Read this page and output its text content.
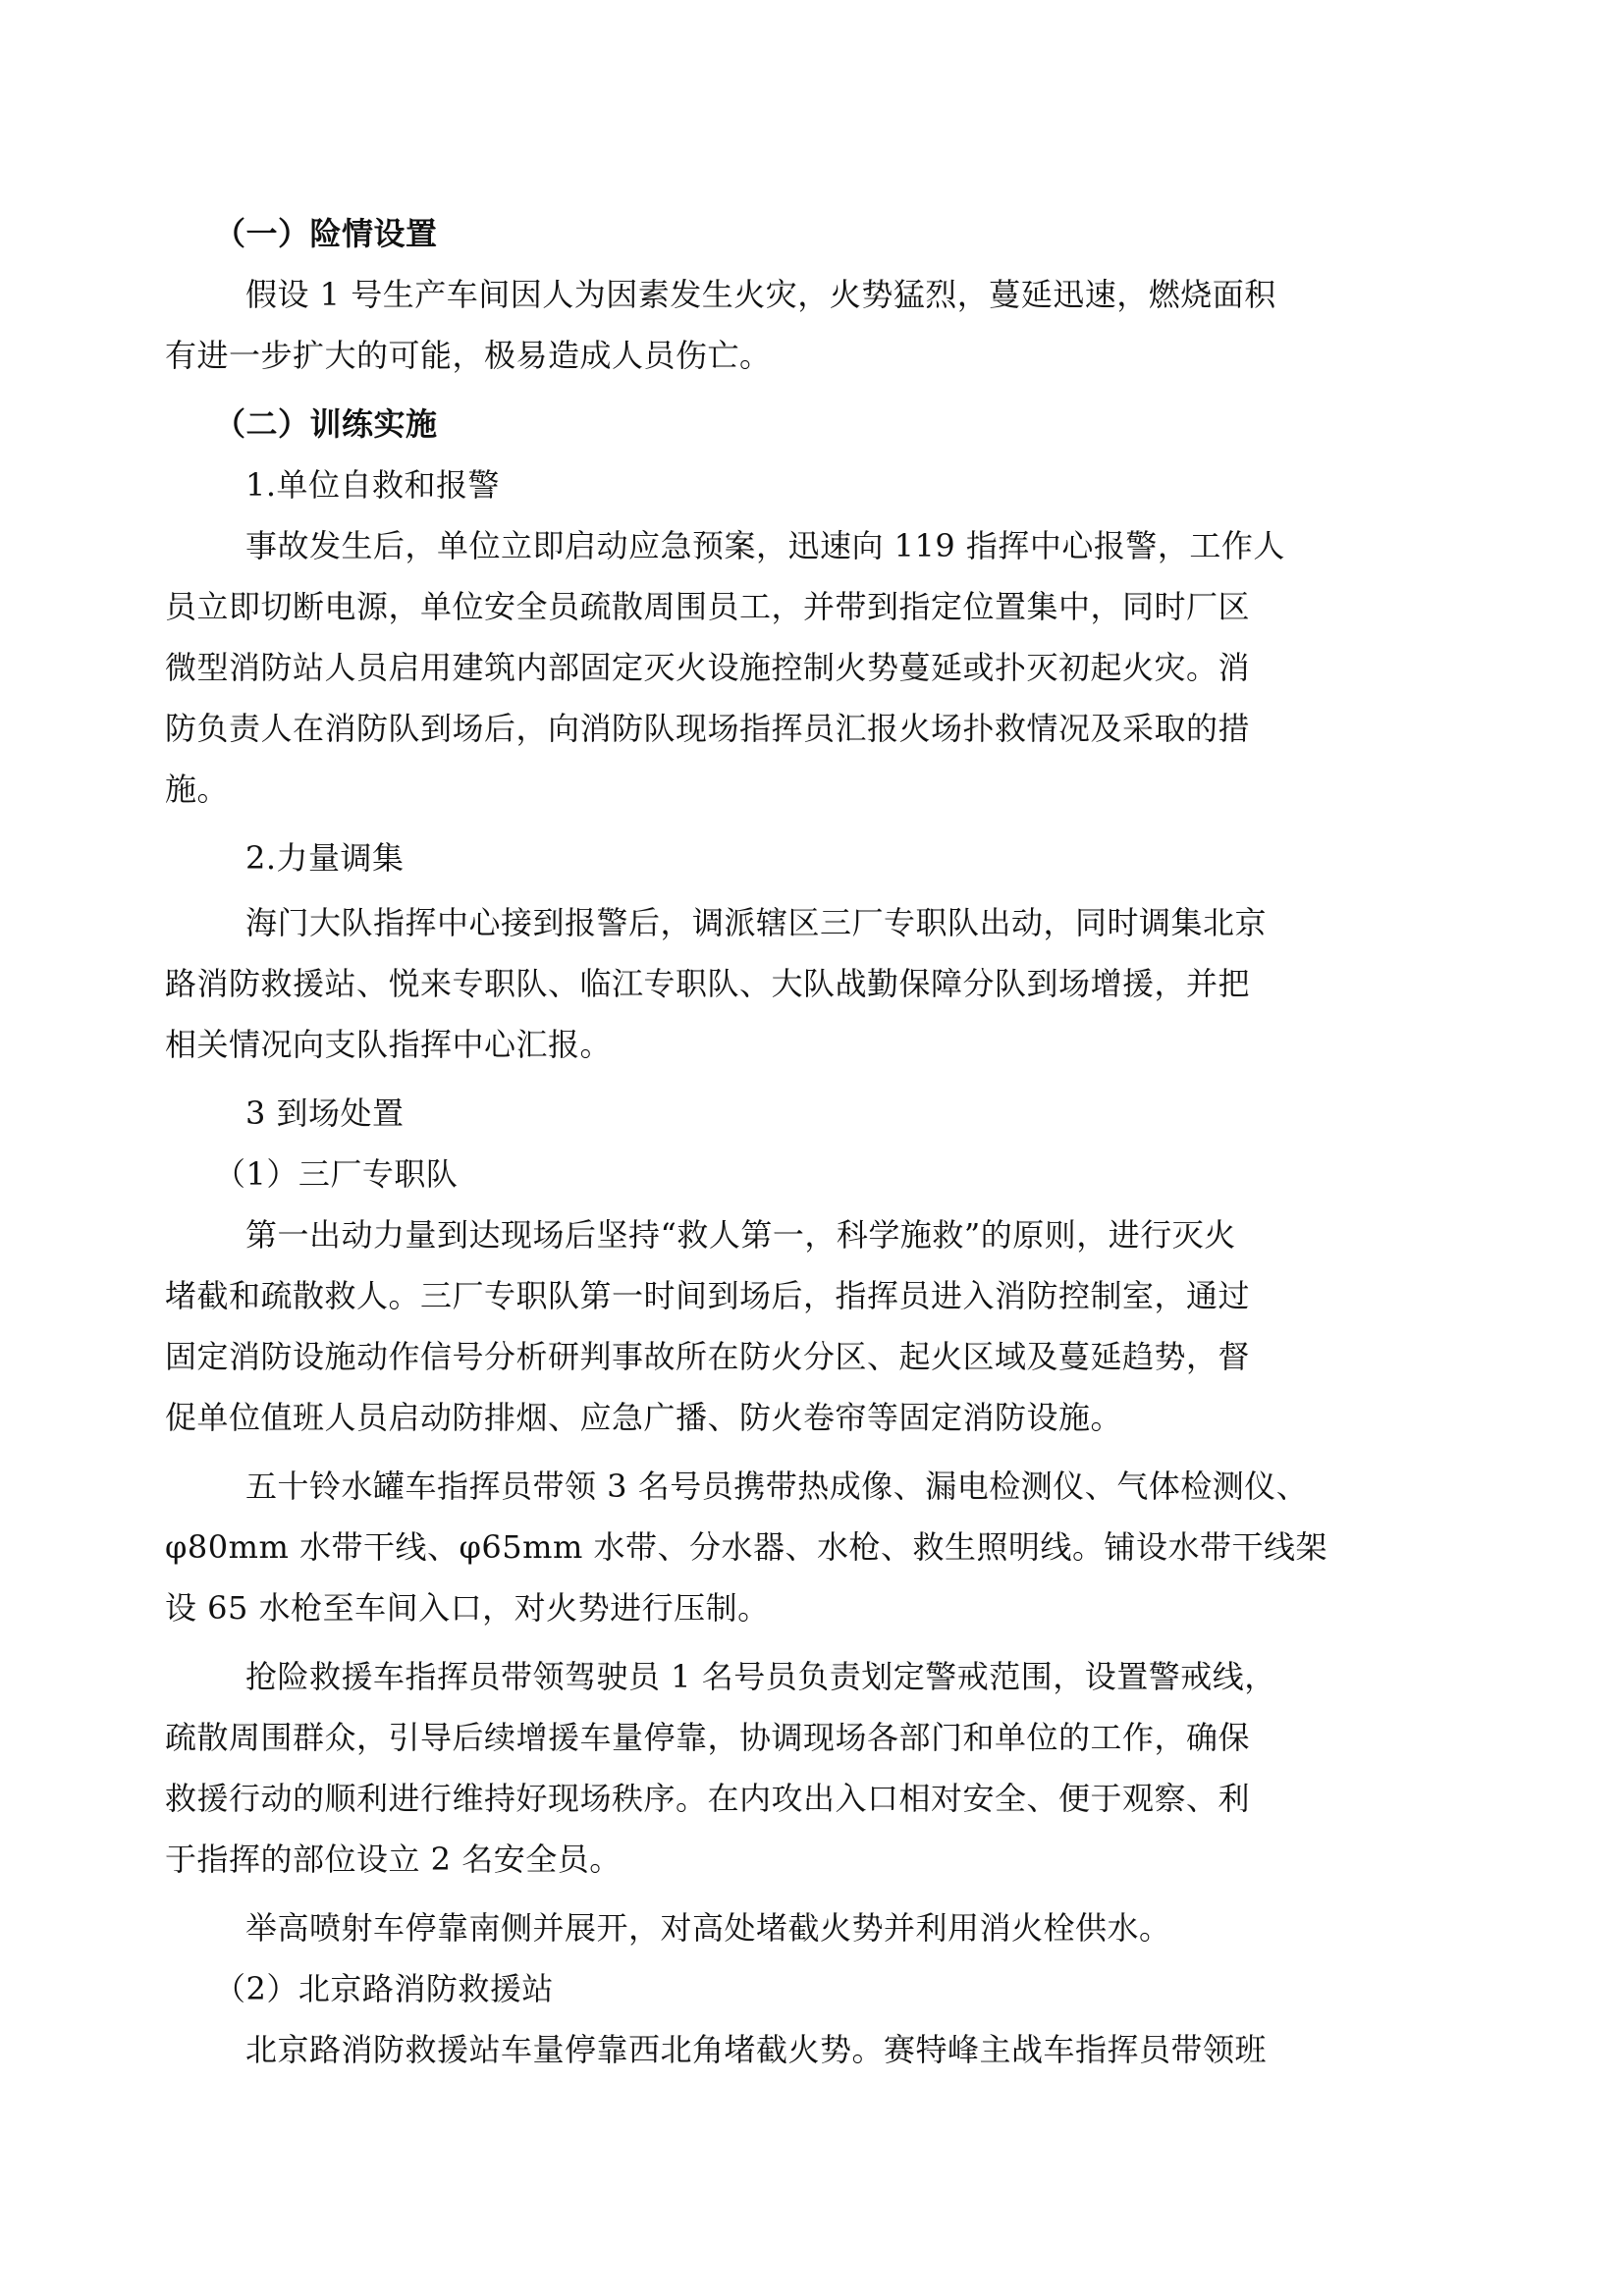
（一）险情设置
假设 1 号生产车间因人为因素发生火灾，火势猛烈，蔓延迅速，燃烧面积
有进一步扩大的可能，极易造成人员伤亡。
（二）训练实施
1.单位自救和报警
事故发生后，单位立即启动应急预案，迅速向 119 指挥中心报警，工作人
员立即切断电源，单位安全员疏散周围员工，并带到指定位置集中，同时厂区
微型消防站人员启用建筑内部固定灭火设施控制火势蔓延或扑灭初起火灾。消
防负责人在消防队到场后，向消防队现场指挥员汇报火场扑救情况及采取的措
施。
2.力量调集
海门大队指挥中心接到报警后，调派辖区三厂专职队出动，同时调集北京
路消防救援站、悦来专职队、临江专职队、大队战勤保障分队到场增援，并把
相关情况向支队指挥中心汇报。
3 到场处置
（1）三厂专职队
第一出动力量到达现场后坚持“救人第一，科学施救”的原则，进行灭火
堵截和疏散救人。三厂专职队第一时间到场后，指挥员进入消防控制室，通过
固定消防设施动作信号分析研判事故所在防火分区、起火区域及蔓延趋势，督
促单位值班人员启动防排烟、应急广播、防火卷帘等固定消防设施。
五十铃水罐车指挥员带领 3 名号员携带热成像、漏电检测仪、气体检测仪、
φ80mm 水带干线、φ65mm 水带、分水器、水枪、救生照明线。铺设水带干线架
设 65 水枪至车间入口，对火势进行压制。
抢险救援车指挥员带领驾驶员 1 名号员负责划定警戒范围，设置警戒线，
疏散周围群众，引导后续增援车量停靠，协调现场各部门和单位的工作，确保
救援行动的顺利进行维持好现场秩序。在内攻出入口相对安全、便于观察、利
于指挥的部位设立 2 名安全员。
举高喷射车停靠南侧并展开，对高处堵截火势并利用消火栓供水。
（2）北京路消防救援站
北京路消防救援站车量停靠西北角堵截火势。赛特峰主战车指挥员带领班
